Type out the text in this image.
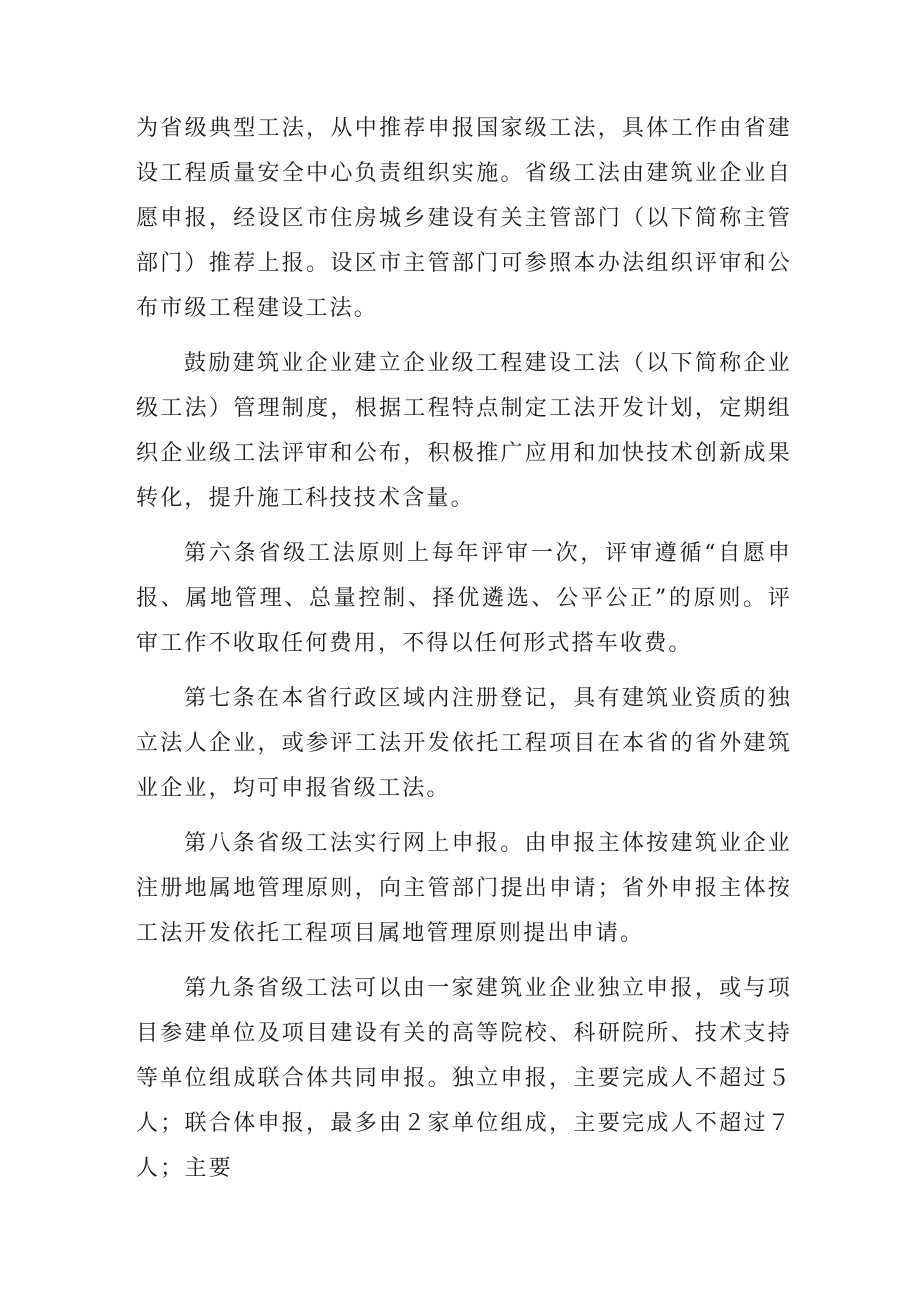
为省级典型工法，从中推荐申报国家级工法，具体工作由省建设工程质量安全中心负责组织实施。省级工法由建筑业企业自愿申报，经设区市住房城乡建设有关主管部门（以下简称主管部门）推荐上报。设区市主管部门可参照本办法组织评审和公布市级工程建设工法。

鼓励建筑业企业建立企业级工程建设工法（以下简称企业级工法）管理制度，根据工程特点制定工法开发计划，定期组织企业级工法评审和公布，积极推广应用和加快技术创新成果转化，提升施工科技技术含量。

第六条省级工法原则上每年评审一次，评审遵循“自愿申报、属地管理、总量控制、择优遴选、公平公正”的原则。评审工作不收取任何费用，不得以任何形式搭车收费。

第七条在本省行政区域内注册登记，具有建筑业资质的独立法人企业，或参评工法开发依托工程项目在本省的省外建筑业企业，均可申报省级工法。

第八条省级工法实行网上申报。由申报主体按建筑业企业注册地属地管理原则，向主管部门提出申请；省外申报主体按工法开发依托工程项目属地管理原则提出申请。

第九条省级工法可以由一家建筑业企业独立申报，或与项目参建单位及项目建设有关的高等院校、科研院所、技术支持等单位组成联合体共同申报。独立申报，主要完成人不超过５人；联合体申报，最多由２家单位组成，主要完成人不超过７人；主要
